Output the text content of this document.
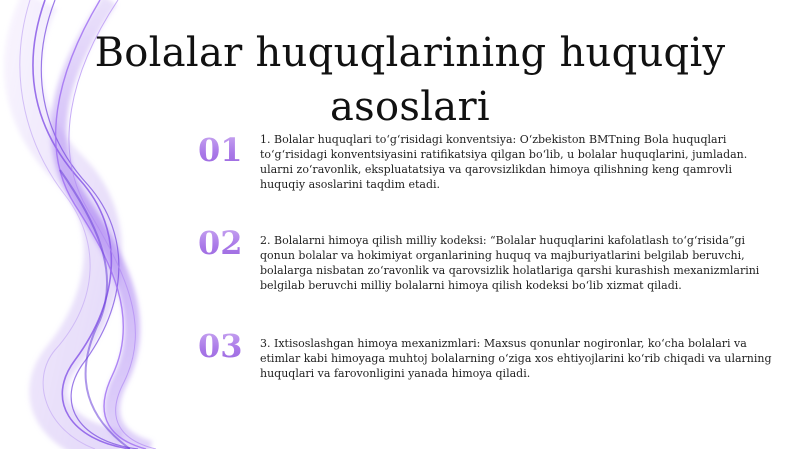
Bolalar huquqlarining huquqiy asoslari
01 1. Bolalar huquqlari to‘g‘risidagi konventsiya: O‘zbekiston BMTning Bola huquqlari to‘g‘risidagi konventsiyasini ratifikatsiya qilgan bo‘lib, u bolalar huquqlarini, jumladan. ularni zo‘ravonlik, ekspluatatsiya va qarovsizlikdan himoya qilishning keng qamrovli huquqiy asoslarini taqdim etadi.
02 2. Bolalarni himoya qilish milliy kodeksi: “Bolalar huquqlarini kafolatlash to‘g‘risida”gi qonun bolalar va hokimiyat organlarining huquq va majburiyatlarini belgilab beruvchi, bolalarga nisbatan zo‘ravonlik va qarovsizlik holatlariga qarshi kurashish mexanizmlarini belgilab beruvchi milliy bolalarni himoya qilish kodeksi bo‘lib xizmat qiladi.
03 3. Ixtisoslashgan himoya mexanizmlari: Maxsus qonunlar nogironlar, ko‘cha bolalari va etimlar kabi himoyaga muhtoj bolalarning o‘ziga xos ehtiyojlarini ko‘rib chiqadi va ularning huquqlari va farovonligini yanada himoya qiladi.
